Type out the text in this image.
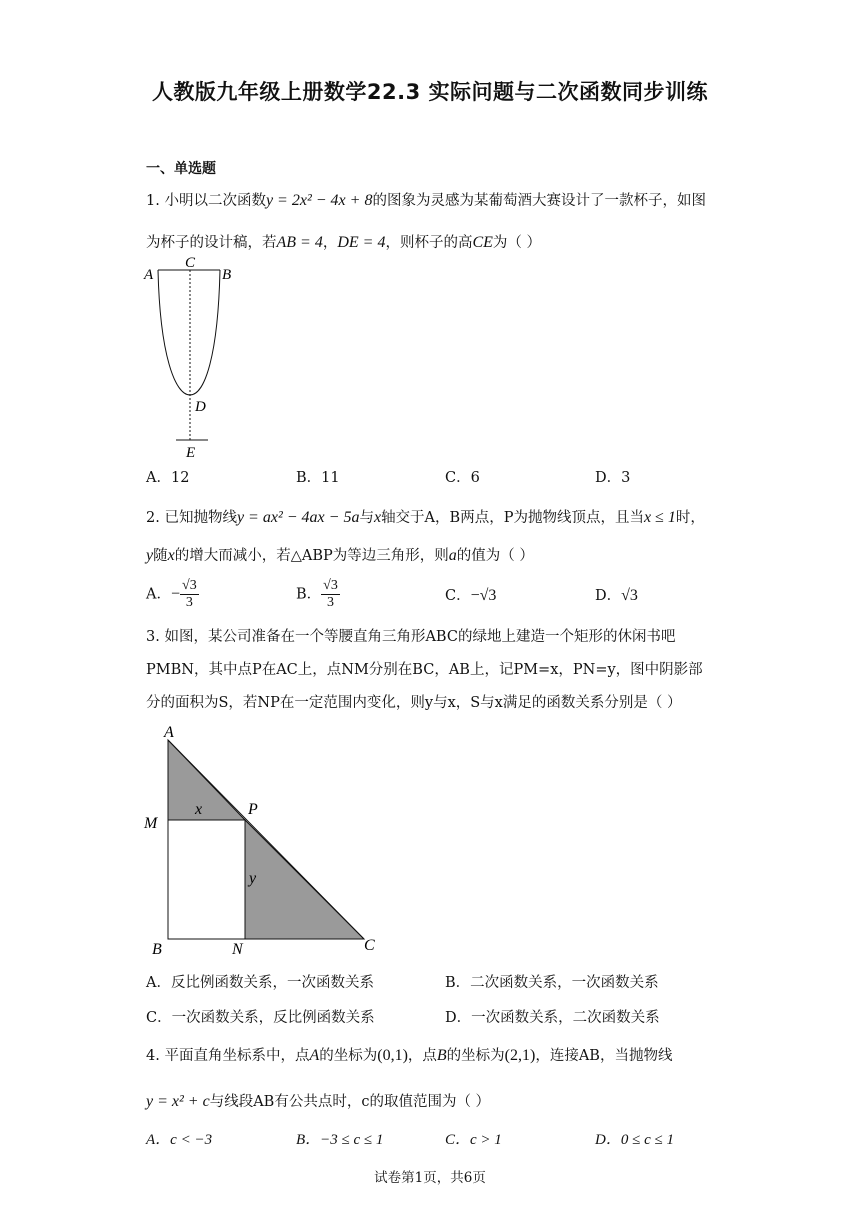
人教版九年级上册数学22.3 实际问题与二次函数同步训练
一、单选题
1. 小明以二次函数y = 2x² − 4x + 8的图象为灵感为某葡萄酒大赛设计了一款杯子，如图
为杯子的设计稿，若AB = 4，DE = 4，则杯子的高CE为（ ）
A
C
B
D
E
A．12	B．11	C．6	D．3
2. 已知抛物线y = ax² − 4ax − 5a与x轴交于A，B两点，P为抛物线顶点，且当x ≤ 1时，
y随x的增大而减小，若△ABP为等边三角形，则a的值为（ ）
A．− $\frac{√3}{3}$	B． $\frac{√3}{3}$	C．−√3	D．√3
3. 如图，某公司准备在一个等腰直角三角形ABC的绿地上建造一个矩形的休闲书吧
PMBN，其中点P在AC上，点NM分别在BC，AB上，记PM=x，PN=y，图中阴影部
分的面积为S，若NP在一定范围内变化，则y与x，S与x满足的函数关系分别是（ ）
A
M
P
B	N	C
x
y
A．反比例函数关系，一次函数关系	B．二次函数关系，一次函数关系
C．一次函数关系，反比例函数关系	D．一次函数关系，二次函数关系
4. 平面直角坐标系中，点A的坐标为(0,1)，点B的坐标为(2,1)，连接AB，当抛物线
y = x² + c与线段AB有公共点时，c的取值范围为（ ）
A．c < −3	B．−3 ≤ c ≤ 1	C．c > 1	D．0 ≤ c ≤ 1
试卷第1页，共6页
